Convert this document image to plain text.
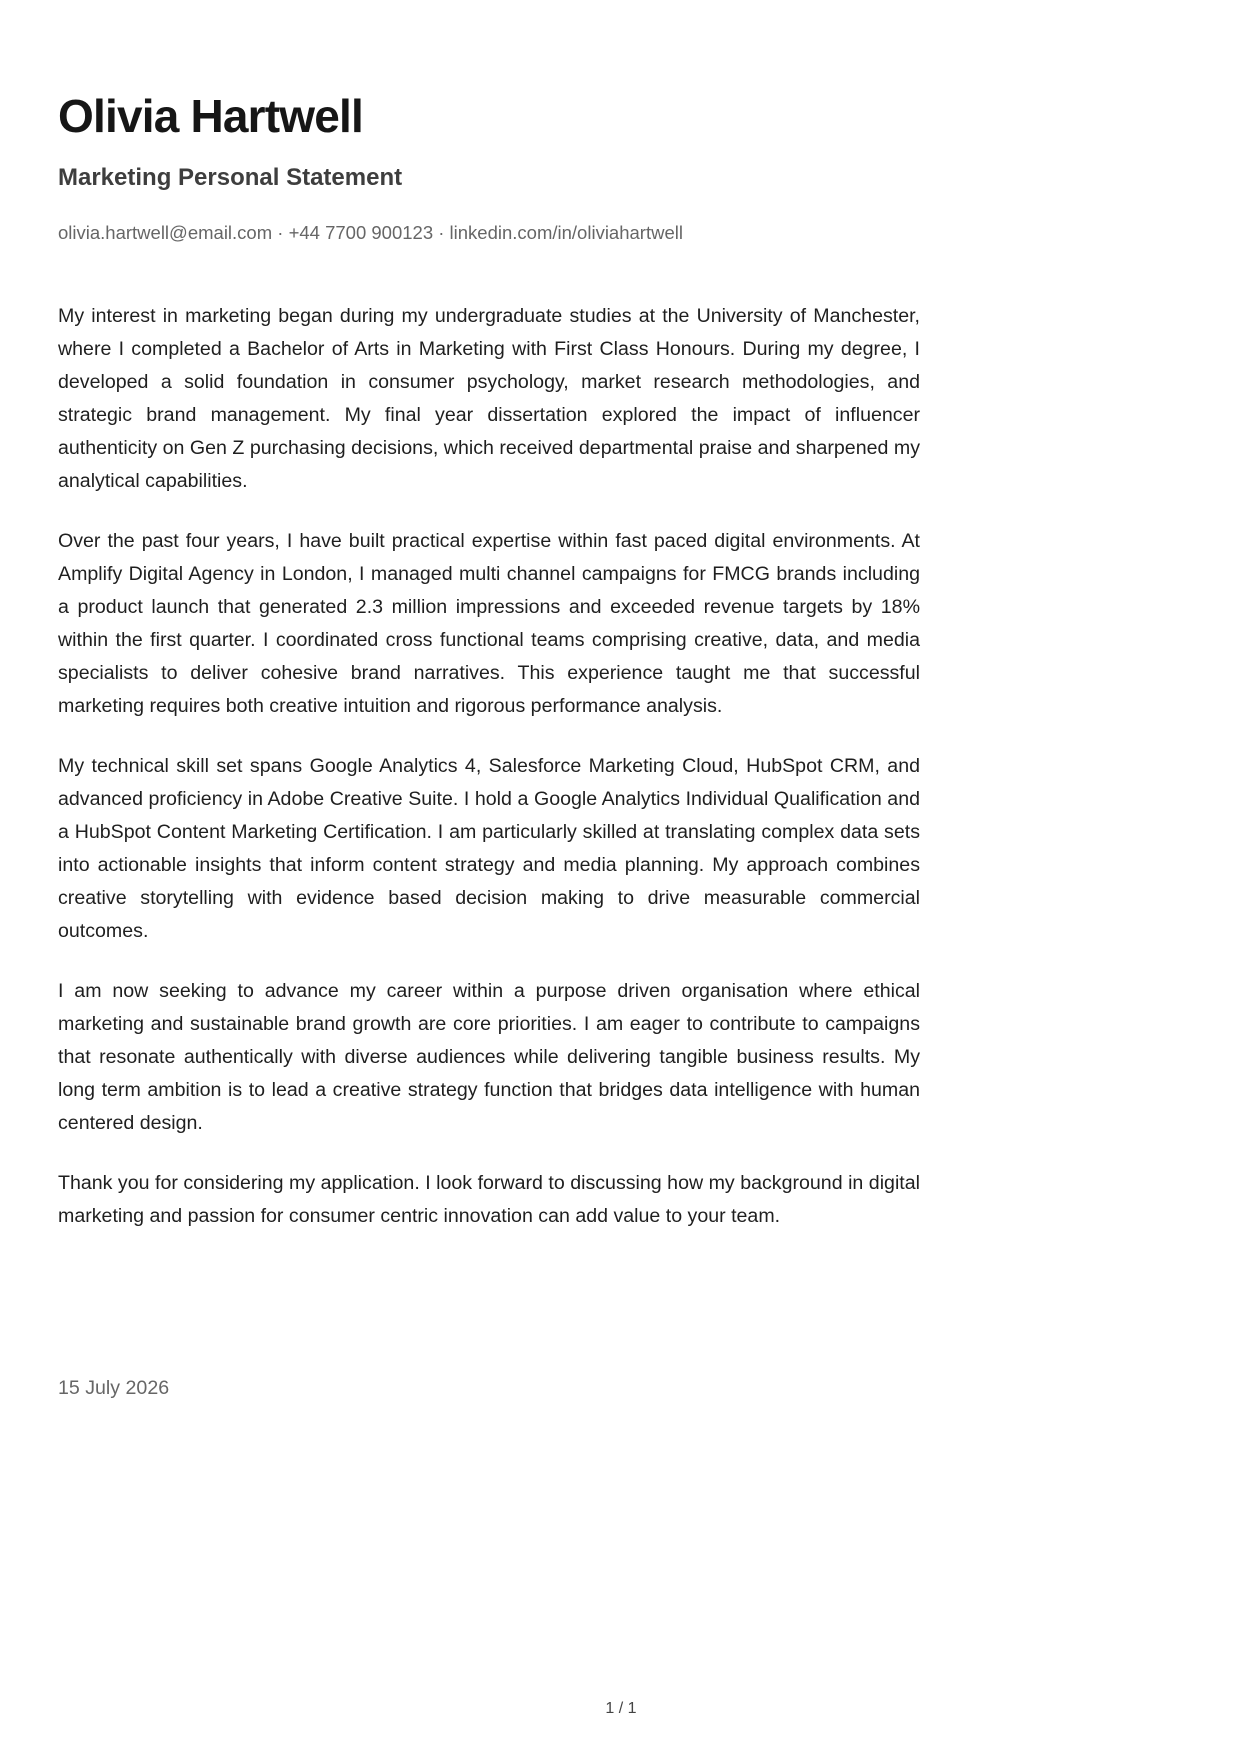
Olivia Hartwell
Marketing Personal Statement
olivia.hartwell@email.com · +44 7700 900123 · linkedin.com/in/oliviahartwell

My interest in marketing began during my undergraduate studies at the University of Manchester, where I completed a Bachelor of Arts in Marketing with First Class Honours. During my degree, I developed a solid foundation in consumer psychology, market research methodologies, and strategic brand management. My final year dissertation explored the impact of influencer authenticity on Gen Z purchasing decisions, which received departmental praise and sharpened my analytical capabilities.

Over the past four years, I have built practical expertise within fast paced digital environments. At Amplify Digital Agency in London, I managed multi channel campaigns for FMCG brands including a product launch that generated 2.3 million impressions and exceeded revenue targets by 18% within the first quarter. I coordinated cross functional teams comprising creative, data, and media specialists to deliver cohesive brand narratives. This experience taught me that successful marketing requires both creative intuition and rigorous performance analysis.

My technical skill set spans Google Analytics 4, Salesforce Marketing Cloud, HubSpot CRM, and advanced proficiency in Adobe Creative Suite. I hold a Google Analytics Individual Qualification and a HubSpot Content Marketing Certification. I am particularly skilled at translating complex data sets into actionable insights that inform content strategy and media planning. My approach combines creative storytelling with evidence based decision making to drive measurable commercial outcomes.

I am now seeking to advance my career within a purpose driven organisation where ethical marketing and sustainable brand growth are core priorities. I am eager to contribute to campaigns that resonate authentically with diverse audiences while delivering tangible business results. My long term ambition is to lead a creative strategy function that bridges data intelligence with human centered design.

Thank you for considering my application. I look forward to discussing how my background in digital marketing and passion for consumer centric innovation can add value to your team.

15 July 2026
1 / 1
